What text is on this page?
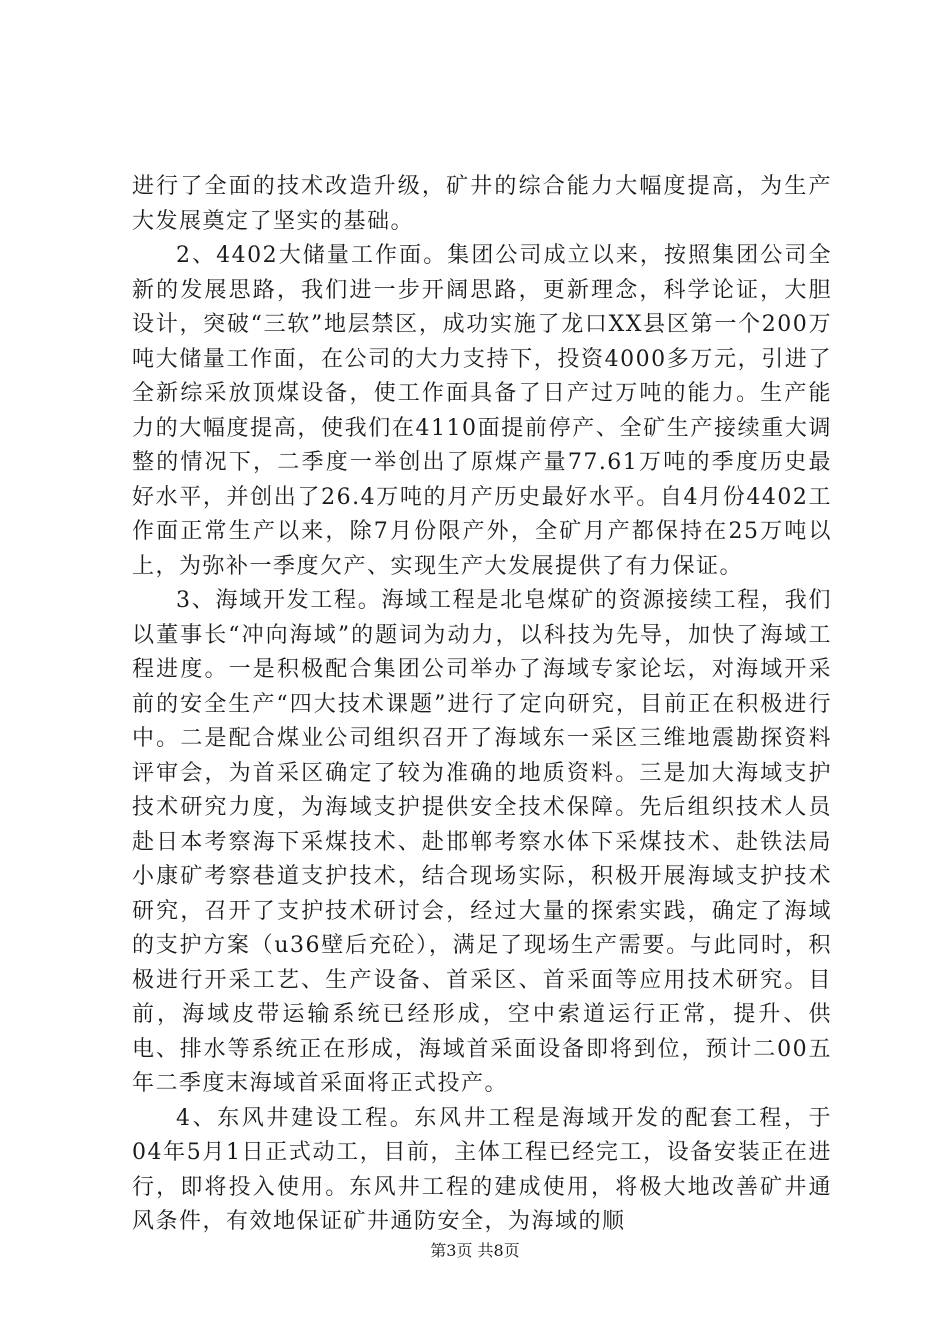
进行了全面的技术改造升级，矿井的综合能力大幅度提高，为生产大发展奠定了坚实的基础。

2、4402大储量工作面。集团公司成立以来，按照集团公司全新的发展思路，我们进一步开阔思路，更新理念，科学论证，大胆设计，突破“三软”地层禁区，成功实施了龙口XX县区第一个200万吨大储量工作面，在公司的大力支持下，投资4000多万元，引进了全新综采放顶煤设备，使工作面具备了日产过万吨的能力。生产能力的大幅度提高，使我们在4110面提前停产、全矿生产接续重大调整的情况下，二季度一举创出了原煤产量77.61万吨的季度历史最好水平，并创出了26.4万吨的月产历史最好水平。自4月份4402工作面正常生产以来，除7月份限产外，全矿月产都保持在25万吨以上，为弥补一季度欠产、实现生产大发展提供了有力保证。

3、海域开发工程。海域工程是北皂煤矿的资源接续工程，我们以董事长“冲向海域”的题词为动力，以科技为先导，加快了海域工程进度。一是积极配合集团公司举办了海域专家论坛，对海域开采前的安全生产“四大技术课题”进行了定向研究，目前正在积极进行中。二是配合煤业公司组织召开了海域东一采区三维地震勘探资料评审会，为首采区确定了较为准确的地质资料。三是加大海域支护技术研究力度，为海域支护提供安全技术保障。先后组织技术人员赴日本考察海下采煤技术、赴邯郸考察水体下采煤技术、赴铁法局小康矿考察巷道支护技术，结合现场实际，积极开展海域支护技术研究，召开了支护技术研讨会，经过大量的探索实践，确定了海域的支护方案（u36壁后充砼），满足了现场生产需要。与此同时，积极进行开采工艺、生产设备、首采区、首采面等应用技术研究。目前，海域皮带运输系统已经形成，空中索道运行正常，提升、供电、排水等系统正在形成，海域首采面设备即将到位，预计二00五年二季度末海域首采面将正式投产。

4、东风井建设工程。东风井工程是海域开发的配套工程，于04年5月1日正式动工，目前，主体工程已经完工，设备安装正在进行，即将投入使用。东风井工程的建成使用，将极大地改善矿井通风条件，有效地保证矿井通防安全，为海域的顺

第3页 共8页
